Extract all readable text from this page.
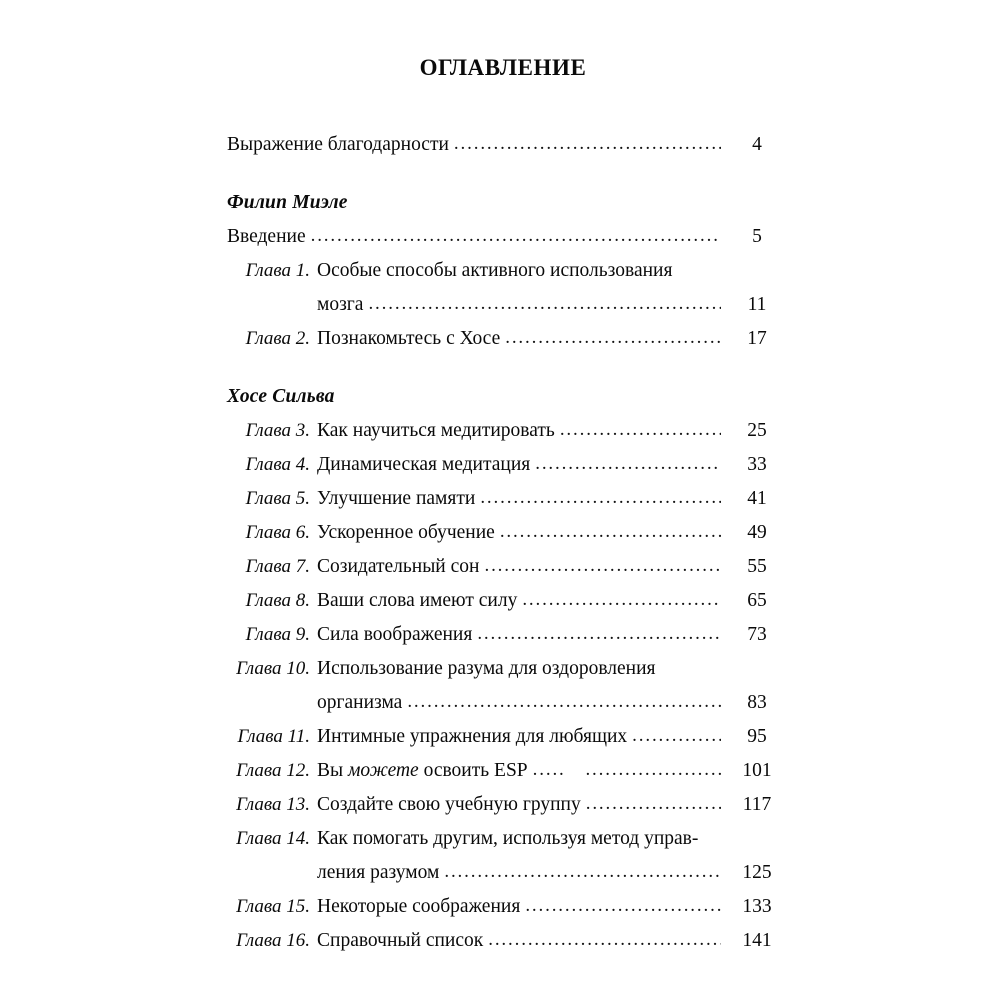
ОГЛАВЛЕНИЕ
Выражение благодарности .....	4
Филип Миэле
Введение .....	5
Глава 1. Особые способы активного использования
мозга .....	11
Глава 2. Познакомьтесь с Хосе .....	17
Хосе Сильва
Глава 3. Как научиться медитировать .....	25
Глава 4. Динамическая медитация .....	33
Глава 5. Улучшение памяти .....	41
Глава 6. Ускоренное обучение .....	49
Глава 7. Созидательный сон .....	55
Глава 8. Ваши слова имеют силу .....	65
Глава 9. Сила воображения .....	73
Глава 10. Использование разума для оздоровления
организма .....	83
Глава 11. Интимные упражнения для любящих .....	95
Глава 12. Вы можете освоить ESP .....	101
Глава 13. Создайте свою учебную группу .....	117
Глава 14. Как помогать другим, используя метод управ-
ления разумом .....	125
Глава 15. Некоторые соображения .....	133
Глава 16. Справочный список .....	141
